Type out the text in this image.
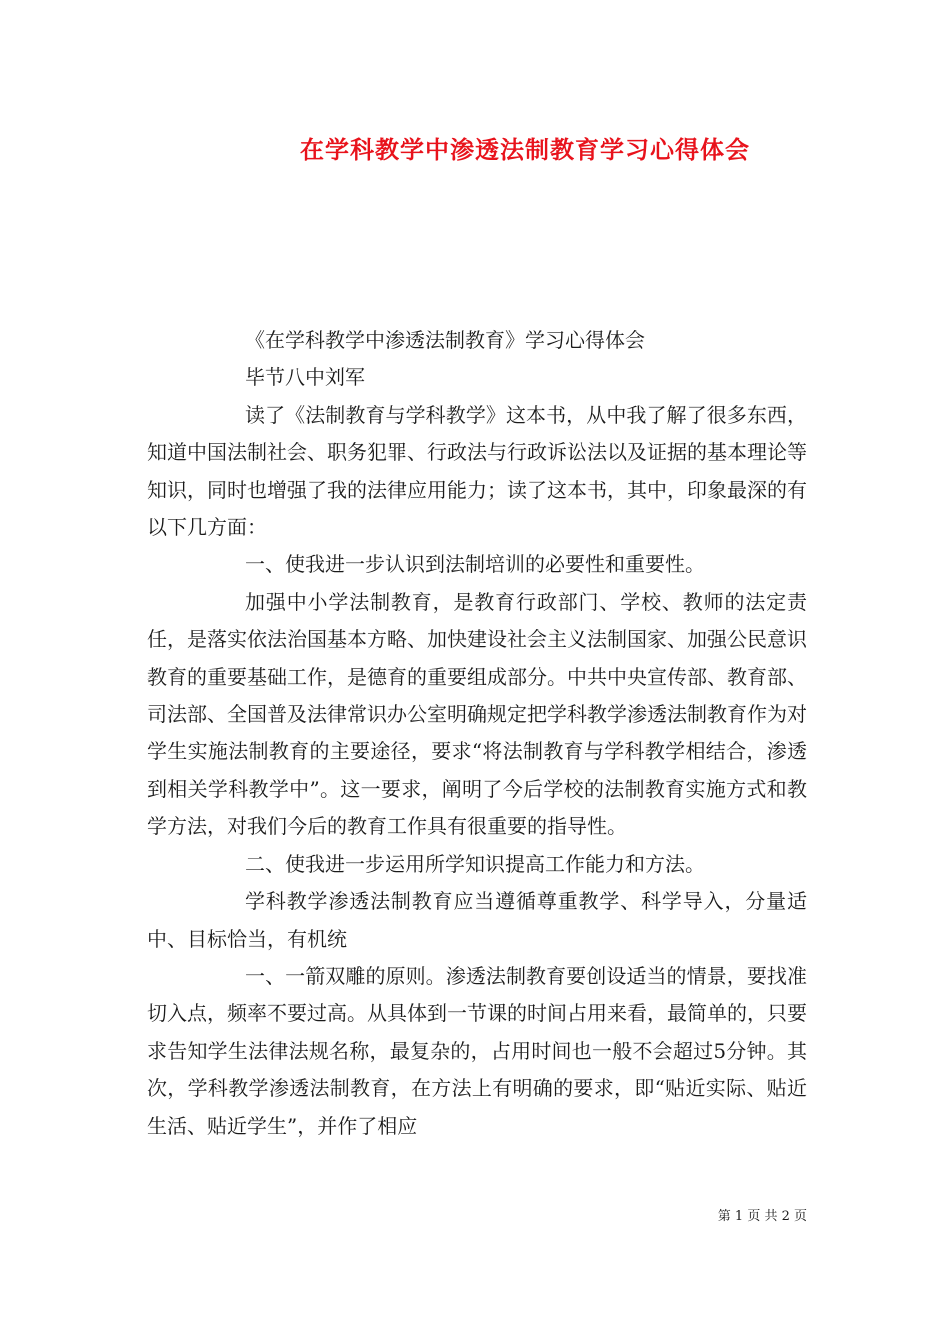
在学科教学中渗透法制教育学习心得体会

《在学科教学中渗透法制教育》学习心得体会

毕节八中刘军

读了《法制教育与学科教学》这本书，从中我了解了很多东西，知道中国法制社会、职务犯罪、行政法与行政诉讼法以及证据的基本理论等知识，同时也增强了我的法律应用能力；读了这本书，其中，印象最深的有以下几方面：

一、使我进一步认识到法制培训的必要性和重要性。

加强中小学法制教育，是教育行政部门、学校、教师的法定责任，是落实依法治国基本方略、加快建设社会主义法制国家、加强公民意识教育的重要基础工作，是德育的重要组成部分。中共中央宣传部、教育部、司法部、全国普及法律常识办公室明确规定把学科教学渗透法制教育作为对学生实施法制教育的主要途径，要求“将法制教育与学科教学相结合，渗透到相关学科教学中”。这一要求，阐明了今后学校的法制教育实施方式和教学方法，对我们今后的教育工作具有很重要的指导性。

二、使我进一步运用所学知识提高工作能力和方法。

学科教学渗透法制教育应当遵循尊重教学、科学导入，分量适中、目标恰当，有机统

一、一箭双雕的原则。渗透法制教育要创设适当的情景，要找准切入点，频率不要过高。从具体到一节课的时间占用来看，最简单的，只要求告知学生法律法规名称，最复杂的，占用时间也一般不会超过5分钟。其次，学科教学渗透法制教育，在方法上有明确的要求，即“贴近实际、贴近生活、贴近学生”，并作了相应

第 1 页 共 2 页
